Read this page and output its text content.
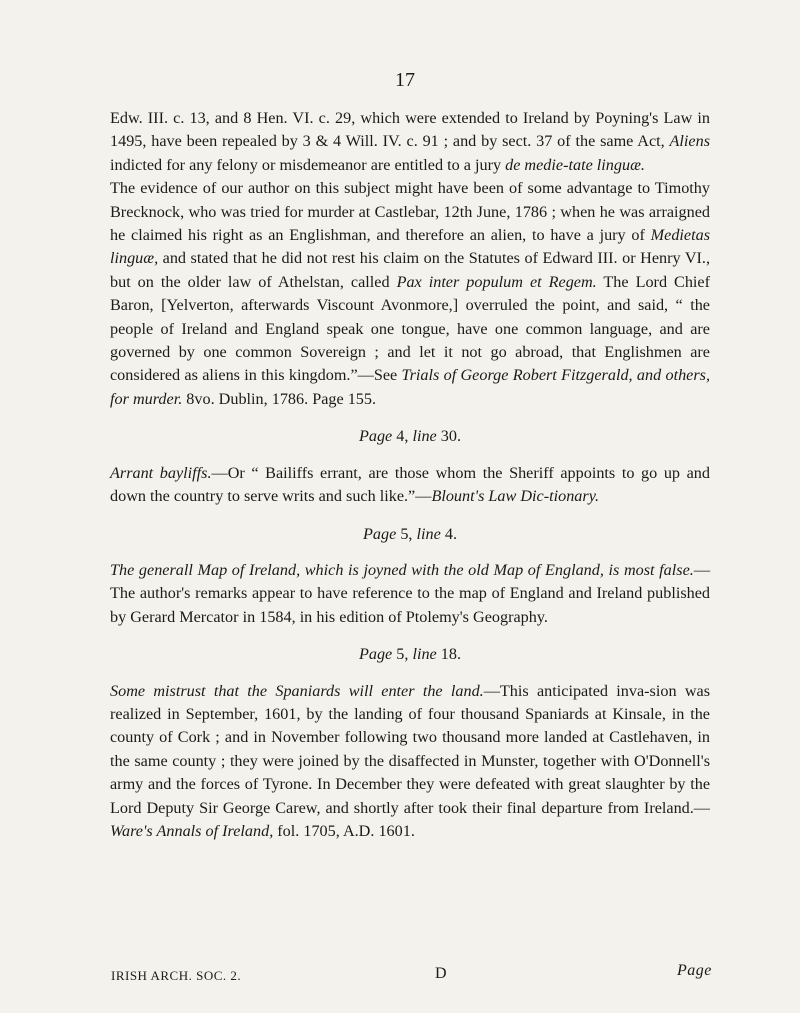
17

Edw. III. c. 13, and 8 Hen. VI. c. 29, which were extended to Ireland by Poyning's Law in 1495, have been repealed by 3 & 4 Will. IV. c. 91 ; and by sect. 37 of the same Act, Aliens indicted for any felony or misdemeanor are entitled to a jury de medie-tate linguæ.

The evidence of our author on this subject might have been of some advantage to Timothy Brecknock, who was tried for murder at Castlebar, 12th June, 1786 ; when he was arraigned he claimed his right as an Englishman, and therefore an alien, to have a jury of Medietas linguæ, and stated that he did not rest his claim on the Statutes of Edward III. or Henry VI., but on the older law of Athelstan, called Pax inter populum et Regem. The Lord Chief Baron, [Yelverton, afterwards Viscount Avonmore,] overruled the point, and said, “ the people of Ireland and England speak one tongue, have one common language, and are governed by one common Sovereign ; and let it not go abroad, that Englishmen are considered as aliens in this kingdom.”—See Trials of George Robert Fitzgerald, and others, for murder. 8vo. Dublin, 1786. Page 155.

Page 4, line 30.

Arrant bayliffs.—Or “ Bailiffs errant, are those whom the Sheriff appoints to go up and down the country to serve writs and such like.”—Blount's Law Dic-tionary.

Page 5, line 4.

The generall Map of Ireland, which is joyned with the old Map of England, is most false.—The author's remarks appear to have reference to the map of England and Ireland published by Gerard Mercator in 1584, in his edition of Ptolemy's Geography.

Page 5, line 18.

Some mistrust that the Spaniards will enter the land.—This anticipated inva-sion was realized in September, 1601, by the landing of four thousand Spaniards at Kinsale, in the county of Cork ; and in November following two thousand more landed at Castlehaven, in the same county ; they were joined by the disaffected in Munster, together with O'Donnell's army and the forces of Tyrone. In December they were defeated with great slaughter by the Lord Deputy Sir George Carew, and shortly after took their final departure from Ireland.—Ware's Annals of Ireland, fol. 1705, A.D. 1601.

IRISH ARCH. SOC. 2.	D	Page
